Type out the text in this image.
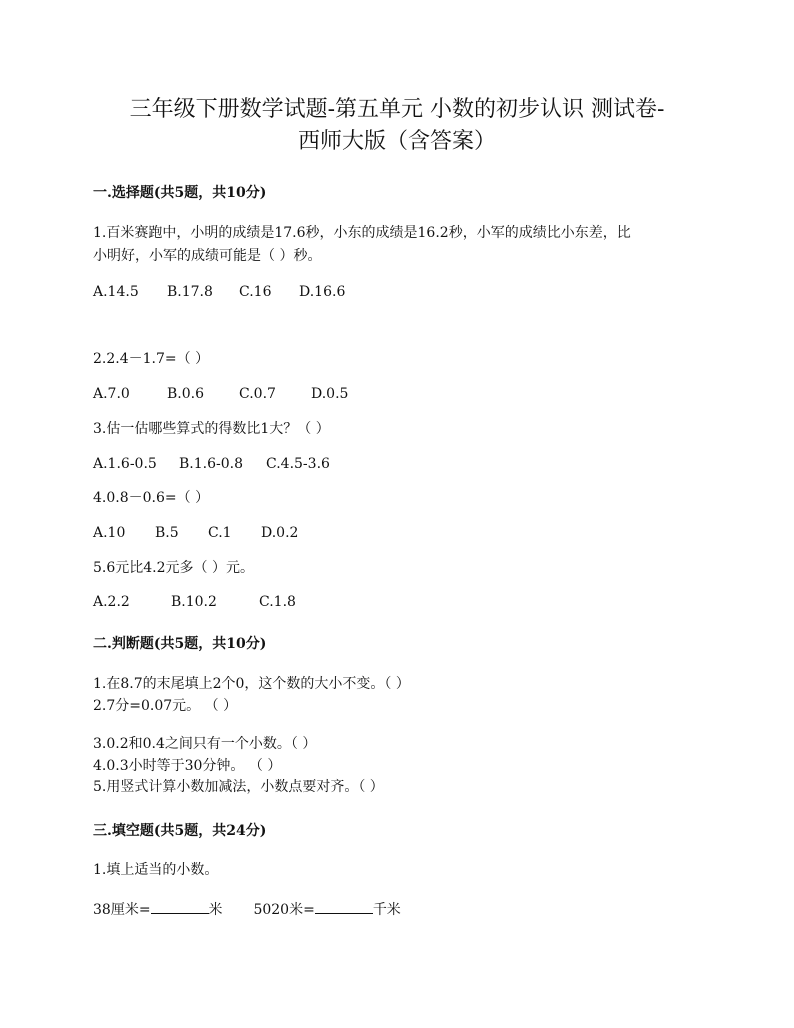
三年级下册数学试题-第五单元 小数的初步认识 测试卷-
西师大版（含答案）
一.选择题(共5题，共10分)
1.百米赛跑中，小明的成绩是17.6秒，小东的成绩是16.2秒，小军的成绩比小东差，比
小明好，小军的成绩可能是（ ）秒。
A.14.5	B.17.8	C.16	D.16.6
2.2.4－1.7=（ ）
A.7.0	B.0.6	C.0.7	D.0.5
3.估一估哪些算式的得数比1大？（ ）
A.1.6-0.5	B.1.6-0.8	C.4.5-3.6
4.0.8－0.6=（ ）
A.10	B.5	C.1	D.0.2
5.6元比4.2元多（ ）元。
A.2.2	B.10.2	C.1.8
二.判断题(共5题，共10分)
1.在8.7的末尾填上2个0，这个数的大小不变。（ ）
2.7分=0.07元。 （ ）
3.0.2和0.4之间只有一个小数。（ ）
4.0.3小时等于30分钟。 （ ）
5.用竖式计算小数加减法，小数点要对齐。（ ）
三.填空题(共5题，共24分)
1.填上适当的小数。
38厘米=	米 5020米=	千米
